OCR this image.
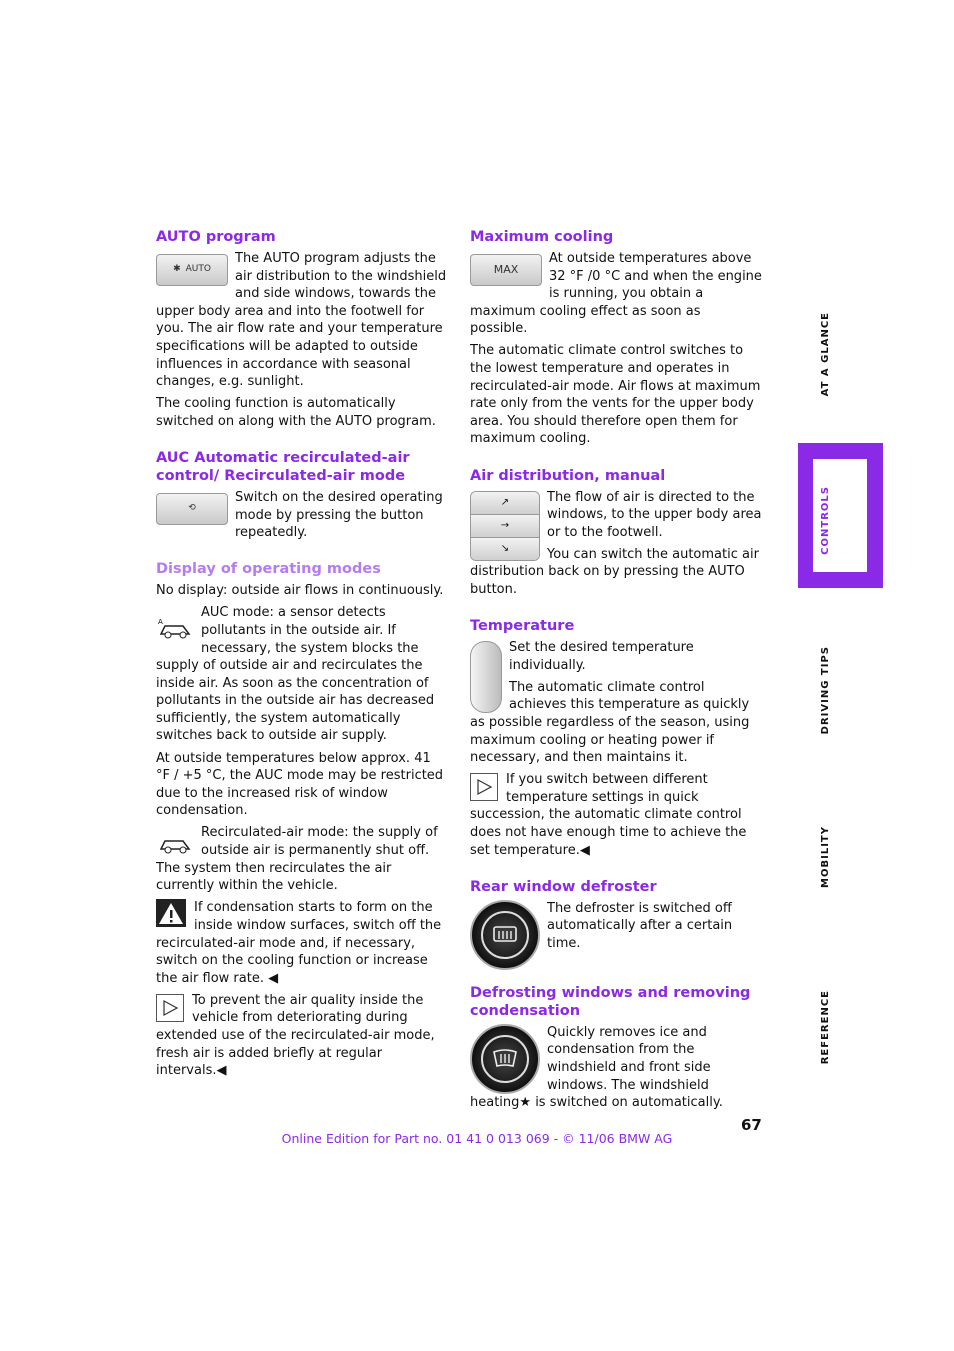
AUTO program
✱ AUTO

The AUTO program adjusts the air distribution to the windshield and side windows, towards the upper body area and into the footwell for you. The air flow rate and your temperature specifications will be adapted to outside influences in accordance with seasonal changes, e.g. sunlight.

The cooling function is automatically switched on along with the AUTO program.

AUC Automatic recirculated-air control/ Recirculated-air mode
⟲

Switch on the desired operating mode by pressing the button repeatedly.

Display of operating modes

No display: outside air flows in continuously.

A

AUC mode: a sensor detects pollutants in the outside air. If necessary, the system blocks the supply of outside air and recirculates the inside air. As soon as the concentration of pollutants in the outside air has decreased sufficiently, the system automatically switches back to outside air supply.

At outside temperatures below approx. 41 °F / +5 °C, the AUC mode may be restricted due to the increased risk of window condensation.

Recirculated-air mode: the supply of outside air is permanently shut off. The system then recirculates the air currently within the vehicle.

If condensation starts to form on the inside window surfaces, switch off the recirculated-air mode and, if necessary, switch on the cooling function or increase the air flow rate. ◀

To prevent the air quality inside the vehicle from deteriorating during extended use of the recirculated-air mode, fresh air is added briefly at regular intervals.◀

Maximum cooling
MAX

At outside temperatures above 32 °F /0 °C and when the engine is running, you obtain a maximum cooling effect as soon as possible.

The automatic climate control switches to the lowest temperature and operates in recirculated-air mode. Air flows at maximum rate only from the vents for the upper body area. You should therefore open them for maximum cooling.

Air distribution, manual
↗
→
↘

The flow of air is directed to the windows, to the upper body area or to the footwell.

You can switch the automatic air distribution back on by pressing the AUTO button.

Temperature

Set the desired temperature individually.

The automatic climate control achieves this temperature as quickly as possible regardless of the season, using maximum cooling or heating power if necessary, and then maintains it.

If you switch between different temperature settings in quick succession, the automatic climate control does not have enough time to achieve the set temperature.◀

Rear window defroster

The defroster is switched off automatically after a certain time.

Defrosting windows and removing condensation

Quickly removes ice and condensation from the windshield and front side windows. The windshield heating★ is switched on automatically.

AT A GLANCE
CONTROLS
DRIVING TIPS
MOBILITY
REFERENCE
67
Online Edition for Part no. 01 41 0 013 069 - © 11/06 BMW AG
